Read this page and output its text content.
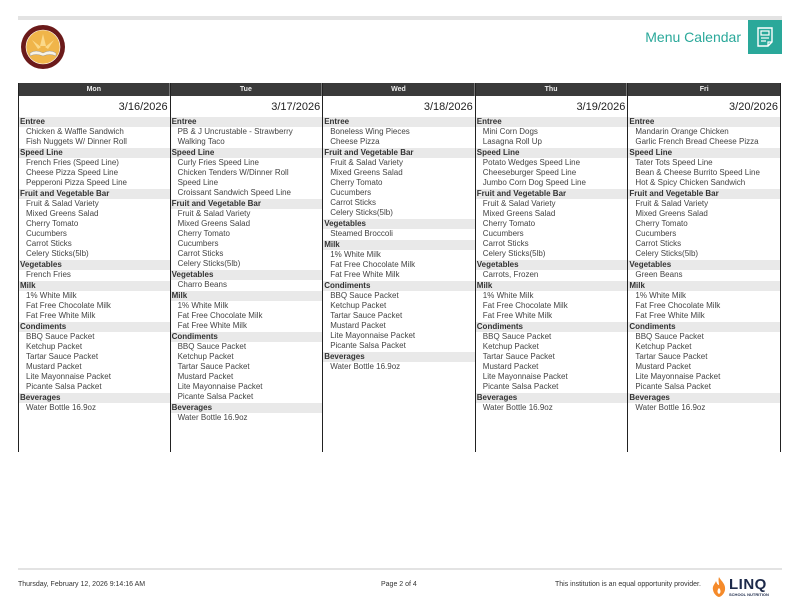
Menu Calendar
Mon
3/16/2026
Entree
Chicken & Waffle Sandwich
Fish Nuggets W/ Dinner Roll
Speed Line
French Fries (Speed Line)
Cheese Pizza Speed Line
Pepperoni Pizza Speed Line
Fruit and Vegetable Bar
Fruit & Salad Variety
Mixed Greens Salad
Cherry Tomato
Cucumbers
Carrot Sticks
Celery Sticks(5lb)
Vegetables
French Fries
Milk
1% White Milk
Fat Free Chocolate Milk
Fat Free White Milk
Condiments
BBQ Sauce Packet
Ketchup Packet
Tartar Sauce Packet
Mustard Packet
Lite Mayonnaise Packet
Picante Salsa Packet
Beverages
Water Bottle 16.9oz
Tue
3/17/2026
Entree
PB & J Uncrustable - Strawberry
Walking Taco
Speed Line
Curly Fries Speed Line
Chicken Tenders W/Dinner Roll
Speed Line
Croissant Sandwich Speed Line
Fruit and Vegetable Bar
Fruit & Salad Variety
Mixed Greens Salad
Cherry Tomato
Cucumbers
Carrot Sticks
Celery Sticks(5lb)
Vegetables
Charro Beans
Milk
1% White Milk
Fat Free Chocolate Milk
Fat Free White Milk
Condiments
BBQ Sauce Packet
Ketchup Packet
Tartar Sauce Packet
Mustard Packet
Lite Mayonnaise Packet
Picante Salsa Packet
Beverages
Water Bottle 16.9oz
Wed
3/18/2026
Entree
Boneless Wing Pieces
Cheese Pizza
Fruit and Vegetable Bar
Fruit & Salad Variety
Mixed Greens Salad
Cherry Tomato
Cucumbers
Carrot Sticks
Celery Sticks(5lb)
Vegetables
Steamed Broccoli
Milk
1% White Milk
Fat Free Chocolate Milk
Fat Free White Milk
Condiments
BBQ Sauce Packet
Ketchup Packet
Tartar Sauce Packet
Mustard Packet
Lite Mayonnaise Packet
Picante Salsa Packet
Beverages
Water Bottle 16.9oz
Thu
3/19/2026
Entree
Mini Corn Dogs
Lasagna Roll Up
Speed Line
Potato Wedges Speed Line
Cheeseburger Speed Line
Jumbo Corn Dog Speed Line
Fruit and Vegetable Bar
Fruit & Salad Variety
Mixed Greens Salad
Cherry Tomato
Cucumbers
Carrot Sticks
Celery Sticks(5lb)
Vegetables
Carrots, Frozen
Milk
1% White Milk
Fat Free Chocolate Milk
Fat Free White Milk
Condiments
BBQ Sauce Packet
Ketchup Packet
Tartar Sauce Packet
Mustard Packet
Lite Mayonnaise Packet
Picante Salsa Packet
Beverages
Water Bottle 16.9oz
Fri
3/20/2026
Entree
Mandarin Orange Chicken
Garlic French Bread Cheese Pizza
Speed Line
Tater Tots Speed Line
Bean & Cheese Burrito Speed Line
Hot & Spicy Chicken Sandwich
Fruit and Vegetable Bar
Fruit & Salad Variety
Mixed Greens Salad
Cherry Tomato
Cucumbers
Carrot Sticks
Celery Sticks(5lb)
Vegetables
Green Beans
Milk
1% White Milk
Fat Free Chocolate Milk
Fat Free White Milk
Condiments
BBQ Sauce Packet
Ketchup Packet
Tartar Sauce Packet
Mustard Packet
Lite Mayonnaise Packet
Picante Salsa Packet
Beverages
Water Bottle 16.9oz
Thursday, February 12, 2026 9:14:16 AM	Page 2 of 4	This institution is an equal opportunity provider. LINQ
SCHOOL NUTRITION
